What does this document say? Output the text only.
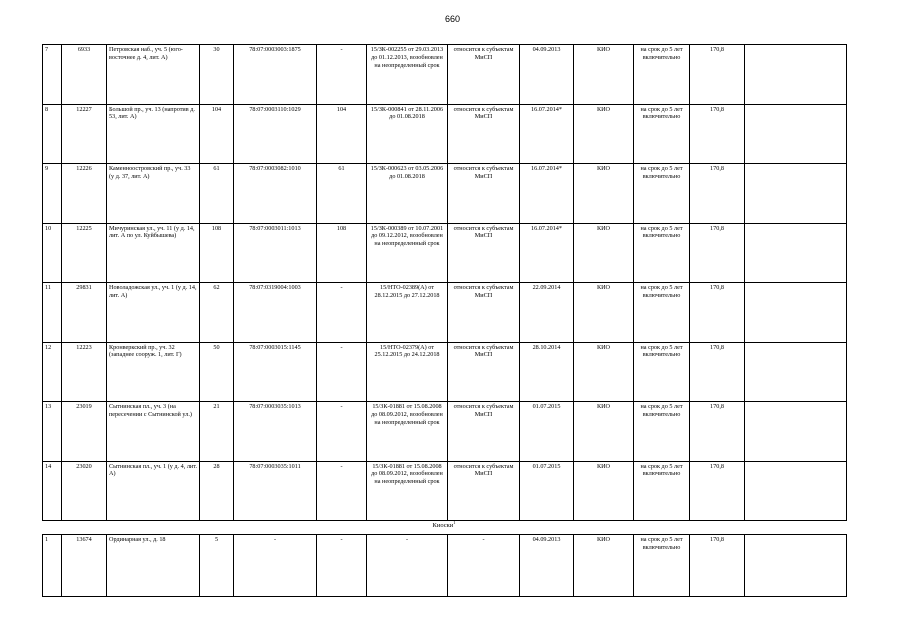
660
7	6933	Петровская наб., уч. 5 (юго-восточнее д. 4, лит. А)	30	78:07:0003003:1875	-	15/ЗК-002255 от 29.03.2013 до 01.12.2013, возобновлен на неопределенный срок	относится к субъектам МиСП	04.09.2013	КИО	на срок до 5 лет включительно	170,8	
8	12227	Большой пр., уч. 13 (напротив д. 53, лит. А)	104	78:07:0003110:1029	104	15/ЗК-000841 от 28.11.2006 до 01.08.2018	относится к субъектам МиСП	16.07.2014*	КИО	на срок до 5 лет включительно	170,8	
9	12226	Каменноостровский пр., уч. 33 (у д. 37, лит. А)	61	78:07:0003082:1010	61	15/ЗК-000623 от 03.05.2006 до 01.08.2018	относится к субъектам МиСП	16.07.2014*	КИО	на срок до 5 лет включительно	170,8	
10	12225	Мичуринская ул., уч. 11 (у д. 14, лит. А по ул. Куйбышева)	108	78:07:0003011:1013	108	15/ЗК-000389 от 10.07.2001 до 09.12.2012, возобновлен на неопределенный срок	относится к субъектам МиСП	16.07.2014*	КИО	на срок до 5 лет включительно	170,8	
11	29831	Новоладожская ул., уч. 1 (у д. 14, лит. А)	62	78:07:0319004:1003	-	15/НТО-02389(А) от 28.12.2015 до 27.12.2018	относится к субъектам МиСП	22.09.2014	КИО	на срок до 5 лет включительно	170,8	
12	12223	Кронверкский пр., уч. 32 (западнее сооруж. 1, лит. Г)	50	78:07:0003015:1145	-	15/НТО-02379(А) от 25.12.2015 до 24.12.2018	относится к субъектам МиСП	28.10.2014	КИО	на срок до 5 лет включительно	170,8	
13	23019	Сытнинская пл., уч. 3 (на пересечении с Сытнинской ул.)	21	78:07:0003035:1013	-	15/ЗК-01881 от 15.08.2008 до 08.09.2012, возобновлен на неопределенный срок	относится к субъектам МиСП	01.07.2015	КИО	на срок до 5 лет включительно	170,8	
14	23020	Сытнинская пл., уч. 1 (у д. 4, лит. А)	28	78:07:0003035:1011	-	15/ЗК-01881 от 15.08.2008 до 08.09.2012, возобновлен на неопределенный срок	относится к субъектам МиСП	01.07.2015	КИО	на срок до 5 лет включительно	170,8	
Киоски$^1$
1	13674	Ординарная ул., д. 18	5	-	-	-	-	04.09.2013	КИО	на срок до 5 лет включительно	170,8	
